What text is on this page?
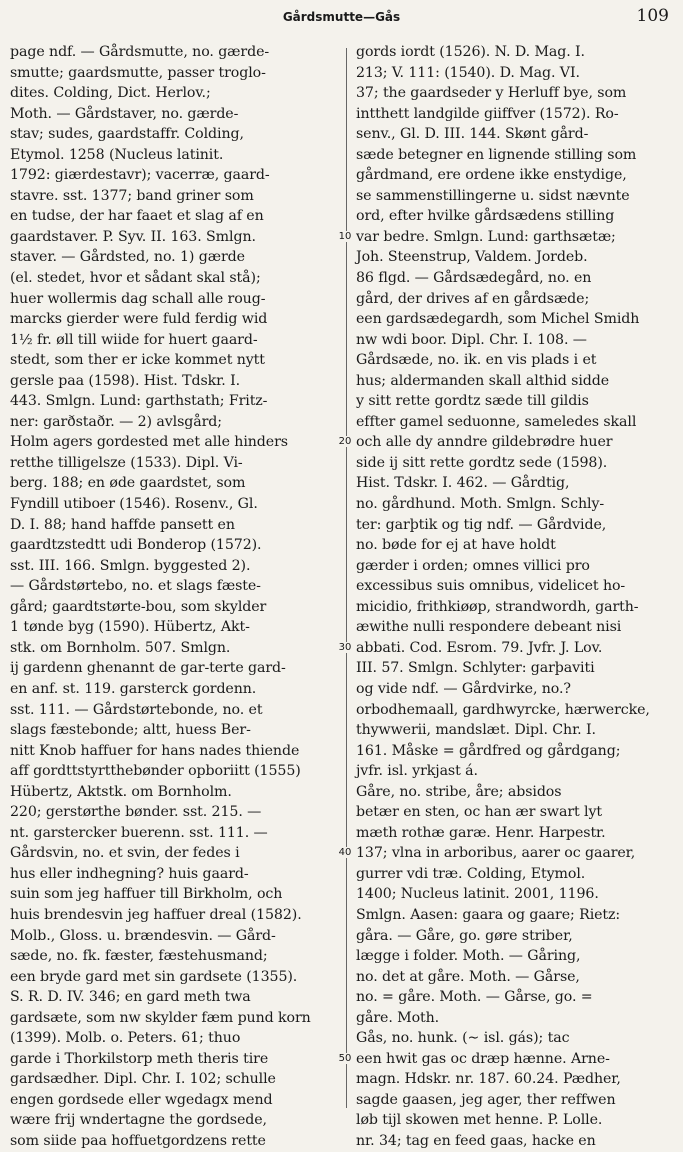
Gårdsmutte—Gås	109
page ndf. — Gårdsmutte, no. gærde-
smutte; gaardsmutte, passer troglo-
dites. Colding, Dict. Herlov.;
Moth. — Gårdstaver, no. gærde-
stav; sudes, gaardstaffr. Colding,
Etymol. 1258 (Nucleus latinit.
1792: giærdestavr); vacerræ, gaard-
stavre. sst. 1377; band griner som
en tudse, der har faaet et slag af en
gaardstaver. P. Syv. II. 163. Smlgn.
staver. — Gårdsted, no. 1) gærde
(el. stedet, hvor et sådant skal stå);
huer wollermis dag schall alle roug-
marcks gierder were fuld ferdig wid
1½ fr. øll till wiide for huert gaard-
stedt, som ther er icke kommet nytt
gersle paa (1598). Hist. Tdskr. I.
443. Smlgn. Lund: garthstath; Fritz-
ner: garðstaðr. — 2) avlsgård;
Holm agers gordested met alle hinders
retthe tilligelsze (1533). Dipl. Vi-
berg. 188; en øde gaardstet, som
Fyndill utiboer (1546). Rosenv., Gl.
D. I. 88; hand haffde pansett en
gaardtzstedtt udi Bonderop (1572).
sst. III. 166. Smlgn. byggested 2).
— Gårdstørtebo, no. et slags fæste-
gård; gaardtstørte-bou, som skylder
1 tønde byg (1590). Hübertz, Akt-
stk. om Bornholm. 507. Smlgn.
ij gardenn ghenannt de gar-terte gard-
en anf. st. 119. garsterck gordenn.
sst. 111. — Gårdstørtebonde, no. et
slags fæstebonde; altt, huess Ber-
nitt Knob haffuer for hans nades thiende
aff gordttstyrtthebønder opboriitt (1555)
Hübertz, Aktstk. om Bornholm.
220; gerstørthe bønder. sst. 215. —
nt. garstercker buerenn. sst. 111. —
Gårdsvin, no. et svin, der fedes i
hus eller indhegning? huis gaard-
suin som jeg haffuer till Birkholm, och
huis brendesvin jeg haffuer dreal (1582).
Molb., Gloss. u. brændesvin. — Gård-
sæde, no. fk. fæster, fæstehusmand;
een bryde gard met sin gardsete (1355).
S. R. D. IV. 346; en gard meth twa
gardsæte, som nw skylder fæm pund korn
(1399). Molb. o. Peters. 61; thuo
garde i Thorkilstorp meth theris tire
gardsædher. Dipl. Chr. I. 102; schulle
engen gordsede eller wgedagx mend
wære frij wndertagne the gordsede,
som siide paa hoffuetgordzens rette
gords iordt (1526). N. D. Mag. I.
213; V. 111: (1540). D. Mag. VI.
37; the gaardseder y Herluff bye, som
intthett landgilde giiffver (1572). Ro-
senv., Gl. D. III. 144. Skønt gård-
sæde betegner en lignende stilling som
gårdmand, ere ordene ikke enstydige,
se sammenstillingerne u. sidst nævnte
ord, efter hvilke gårdsædens stilling
var bedre. Smlgn. Lund: garthsætæ;
Joh. Steenstrup, Valdem. Jordeb.
86 flgd. — Gårdsædegård, no. en
gård, der drives af en gårdsæde;
een gardsædegardh, som Michel Smidh
nw wdi boor. Dipl. Chr. I. 108. —
Gårdsæde, no. ik. en vis plads i et
hus; aldermanden skall althid sidde
y sitt rette gordtz sæde till gildis
effter gamel seduonne, sameledes skall
och alle dy anndre gildebrødre huer
side ij sitt rette gordtz sede (1598).
Hist. Tdskr. I. 462. — Gårdtig,
no. gårdhund. Moth. Smlgn. Schly-
ter: garþtik og tig ndf. — Gårdvide,
no. bøde for ej at have holdt
gærder i orden; omnes villici pro
excessibus suis omnibus, videlicet ho-
micidio, frithkiøøp, strandwordh, garth-
æwithe nulli respondere debeant nisi
abbati. Cod. Esrom. 79. Jvfr. J. Lov.
III. 57. Smlgn. Schlyter: garþaviti
og vide ndf. — Gårdvirke, no.?
orbodhemaall, gardhwyrcke, hærwercke,
thywwerii, mandslæt. Dipl. Chr. I.
161. Måske = gårdfred og gårdgang;
jvfr. isl. yrkjast á.
Gåre, no. stribe, åre; absidos
betær en sten, oc han ær swart lyt
mæth rothæ garæ. Henr. Harpestr.
137; vlna in arboribus, aarer oc gaarer,
gurrer vdi træ. Colding, Etymol.
1400; Nucleus latinit. 2001, 1196.
Smlgn. Aasen: gaara og gaare; Rietz:
gåra. — Gåre, go. gøre striber,
lægge i folder. Moth. — Gåring,
no. det at gåre. Moth. — Gårse,
no. = gåre. Moth. — Gårse, go. =
gåre. Moth.
Gås, no. hunk. (∼ isl. gás); tac
een hwit gas oc dræp hænne. Arne-
magn. Hdskr. nr. 187. 60.24. Pædher,
sagde gaasen, jeg ager, ther reffwen
løb tijl skowen met henne. P. Lolle.
nr. 34; tag en feed gaas, hacke en
10
20
30
40
50
